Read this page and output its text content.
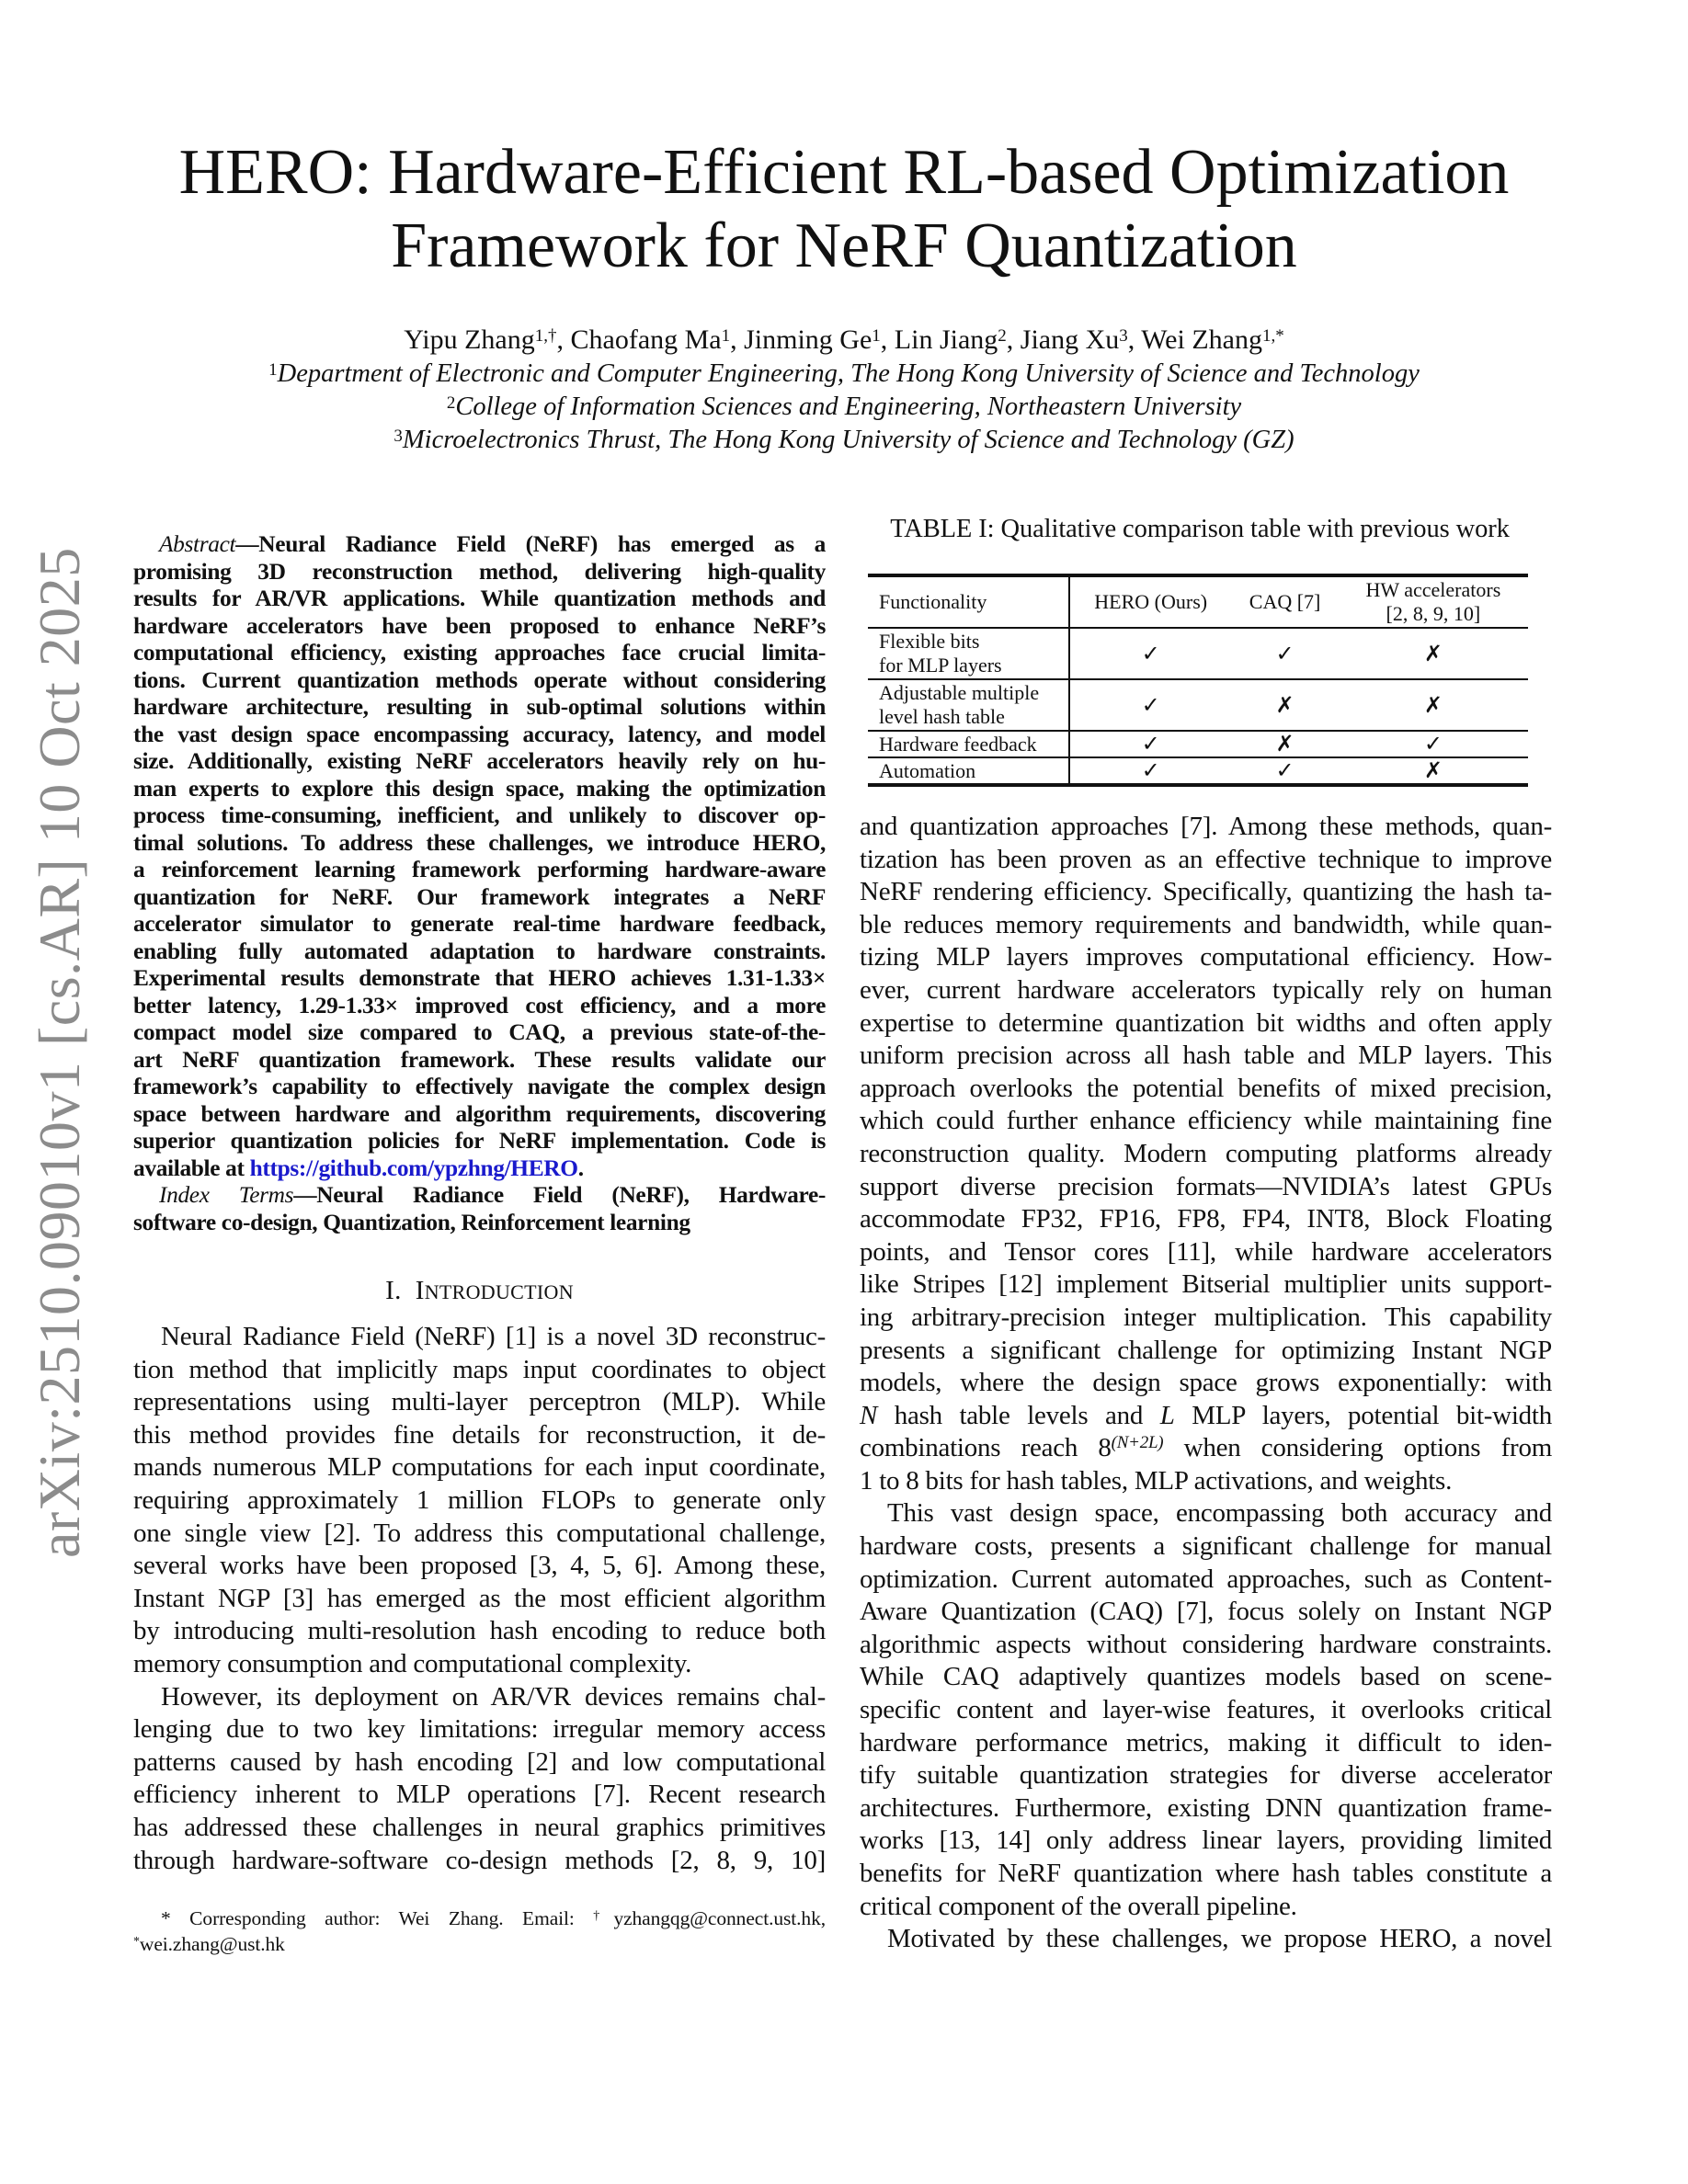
arXiv:2510.09010v1 [cs.AR] 10 Oct 2025
HERO: Hardware-Efficient RL-based Optimization
Framework for NeRF Quantization
Yipu Zhang$^{1,\dagger}$, Chaofang Ma$^1$, Jinming Ge$^1$, Lin Jiang$^2$, Jiang Xu$^3$, Wei Zhang$^{1,*}$
$^1$Department of Electronic and Computer Engineering, The Hong Kong University of Science and Technology
$^2$College of Information Sciences and Engineering, Northeastern University
$^3$Microelectronics Thrust, The Hong Kong University of Science and Technology (GZ)
Abstract—Neural Radiance Field (NeRF) has emerged as a
promising 3D reconstruction method, delivering high-quality
results for AR/VR applications. While quantization methods and
hardware accelerators have been proposed to enhance NeRF’s
computational efficiency, existing approaches face crucial limita-
tions. Current quantization methods operate without considering
hardware architecture, resulting in sub-optimal solutions within
the vast design space encompassing accuracy, latency, and model
size. Additionally, existing NeRF accelerators heavily rely on hu-
man experts to explore this design space, making the optimization
process time-consuming, inefficient, and unlikely to discover op-
timal solutions. To address these challenges, we introduce HERO,
a reinforcement learning framework performing hardware-aware
quantization for NeRF. Our framework integrates a NeRF
accelerator simulator to generate real-time hardware feedback,
enabling fully automated adaptation to hardware constraints.
Experimental results demonstrate that HERO achieves 1.31-1.33×
better latency, 1.29-1.33× improved cost efficiency, and a more
compact model size compared to CAQ, a previous state-of-the-
art NeRF quantization framework. These results validate our
framework’s capability to effectively navigate the complex design
space between hardware and algorithm requirements, discovering
superior quantization policies for NeRF implementation. Code is
available at https://github.com/ypzhng/HERO.
Index Terms—Neural Radiance Field (NeRF), Hardware-
software co-design, Quantization, Reinforcement learning
I. INTRODUCTION
Neural Radiance Field (NeRF) [1] is a novel 3D reconstruc-
tion method that implicitly maps input coordinates to object
representations using multi-layer perceptron (MLP). While
this method provides fine details for reconstruction, it de-
mands numerous MLP computations for each input coordinate,
requiring approximately 1 million FLOPs to generate only
one single view [2]. To address this computational challenge,
several works have been proposed [3, 4, 5, 6]. Among these,
Instant NGP [3] has emerged as the most efficient algorithm
by introducing multi-resolution hash encoding to reduce both
memory consumption and computational complexity.
However, its deployment on AR/VR devices remains chal-
lenging due to two key limitations: irregular memory access
patterns caused by hash encoding [2] and low computational
efficiency inherent to MLP operations [7]. Recent research
has addressed these challenges in neural graphics primitives
through hardware-software co-design methods [2, 8, 9, 10]
* Corresponding author: Wei Zhang. Email: †yzhangqg@connect.ust.hk,
*wei.zhang@ust.hk
TABLE I: Qualitative comparison table with previous work
Functionality	HERO (Ours)	CAQ [7]	HW accelerators
[2, 8, 9, 10]

Flexible bits
for MLP layers	✓	✓	✗

Adjustable multiple
level hash table	✓	✗	✗
Hardware feedback	✓	✗	✓
Automation	✓	✓	✗
and quantization approaches [7]. Among these methods, quan-
tization has been proven as an effective technique to improve
NeRF rendering efficiency. Specifically, quantizing the hash ta-
ble reduces memory requirements and bandwidth, while quan-
tizing MLP layers improves computational efficiency. How-
ever, current hardware accelerators typically rely on human
expertise to determine quantization bit widths and often apply
uniform precision across all hash table and MLP layers. This
approach overlooks the potential benefits of mixed precision,
which could further enhance efficiency while maintaining fine
reconstruction quality. Modern computing platforms already
support diverse precision formats—NVIDIA’s latest GPUs
accommodate FP32, FP16, FP8, FP4, INT8, Block Floating
points, and Tensor cores [11], while hardware accelerators
like Stripes [12] implement Bitserial multiplier units support-
ing arbitrary-precision integer multiplication. This capability
presents a significant challenge for optimizing Instant NGP
models, where the design space grows exponentially: with
N hash table levels and L MLP layers, potential bit-width
combinations reach $8^{(N+2L)}$ when considering options from
1 to 8 bits for hash tables, MLP activations, and weights.
This vast design space, encompassing both accuracy and
hardware costs, presents a significant challenge for manual
optimization. Current automated approaches, such as Content-
Aware Quantization (CAQ) [7], focus solely on Instant NGP
algorithmic aspects without considering hardware constraints.
While CAQ adaptively quantizes models based on scene-
specific content and layer-wise features, it overlooks critical
hardware performance metrics, making it difficult to iden-
tify suitable quantization strategies for diverse accelerator
architectures. Furthermore, existing DNN quantization frame-
works [13, 14] only address linear layers, providing limited
benefits for NeRF quantization where hash tables constitute a
critical component of the overall pipeline.
Motivated by these challenges, we propose HERO, a novel
